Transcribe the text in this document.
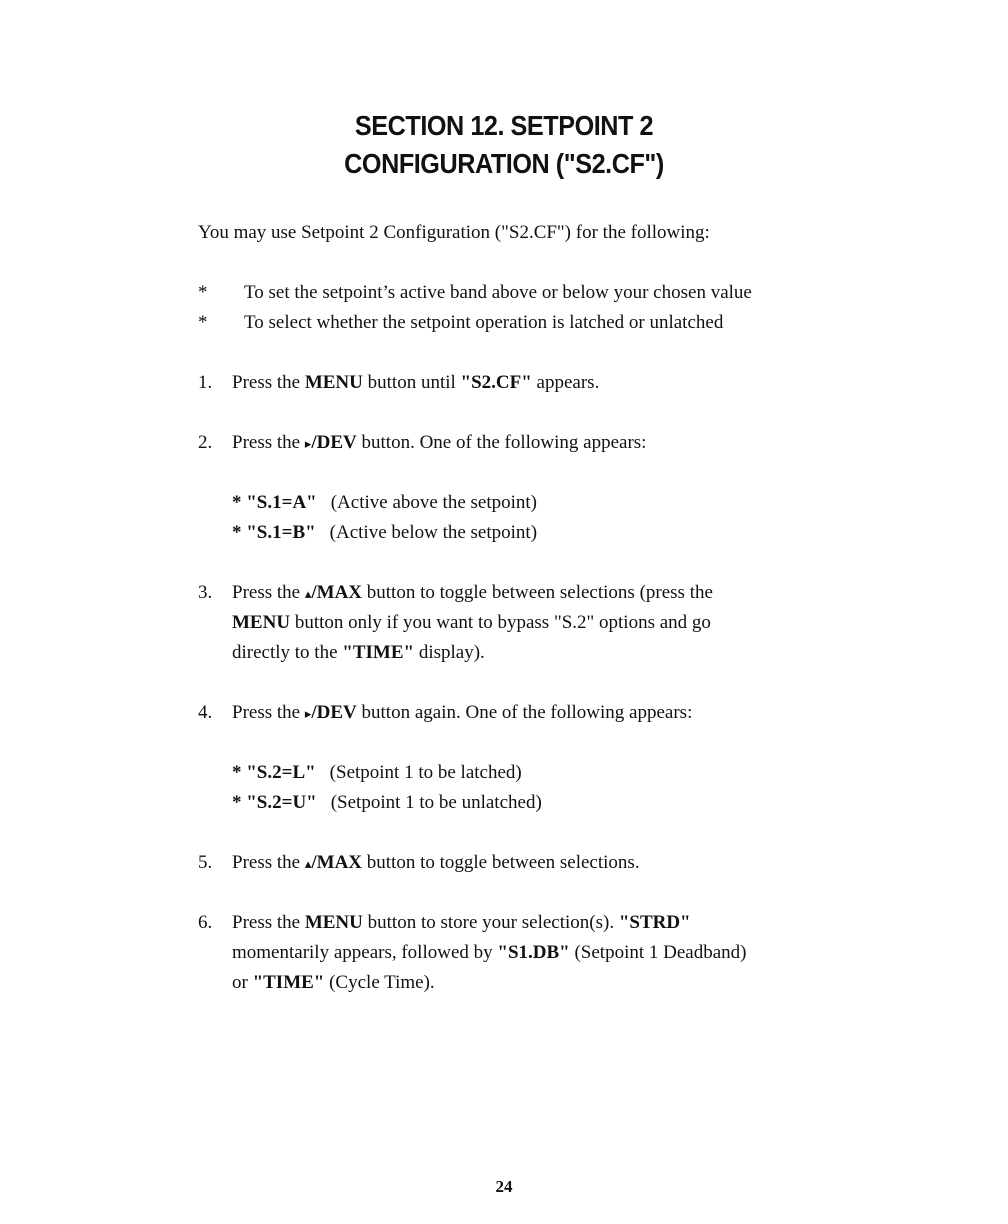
SECTION 12. SETPOINT 2
CONFIGURATION ("S2.CF")
You may use Setpoint 2 Configuration ("S2.CF") for the following:
* To set the setpoint’s active band above or below your chosen value
* To select whether the setpoint operation is latched or unlatched
1. Press the MENU button until "S2.CF" appears.
2. Press the ▸/DEV button. One of the following appears:
* "S.1=A" (Active above the setpoint)
* "S.1=B" (Active below the setpoint)
3. Press the ▴/MAX button to toggle between selections (press the
MENU button only if you want to bypass "S.2" options and go
directly to the "TIME" display).
4. Press the ▸/DEV button again. One of the following appears:
* "S.2=L" (Setpoint 1 to be latched)
* "S.2=U" (Setpoint 1 to be unlatched)
5. Press the ▴/MAX button to toggle between selections.
6. Press the MENU button to store your selection(s). "STRD"
momentarily appears, followed by "S1.DB" (Setpoint 1 Deadband)
or "TIME" (Cycle Time).
24
